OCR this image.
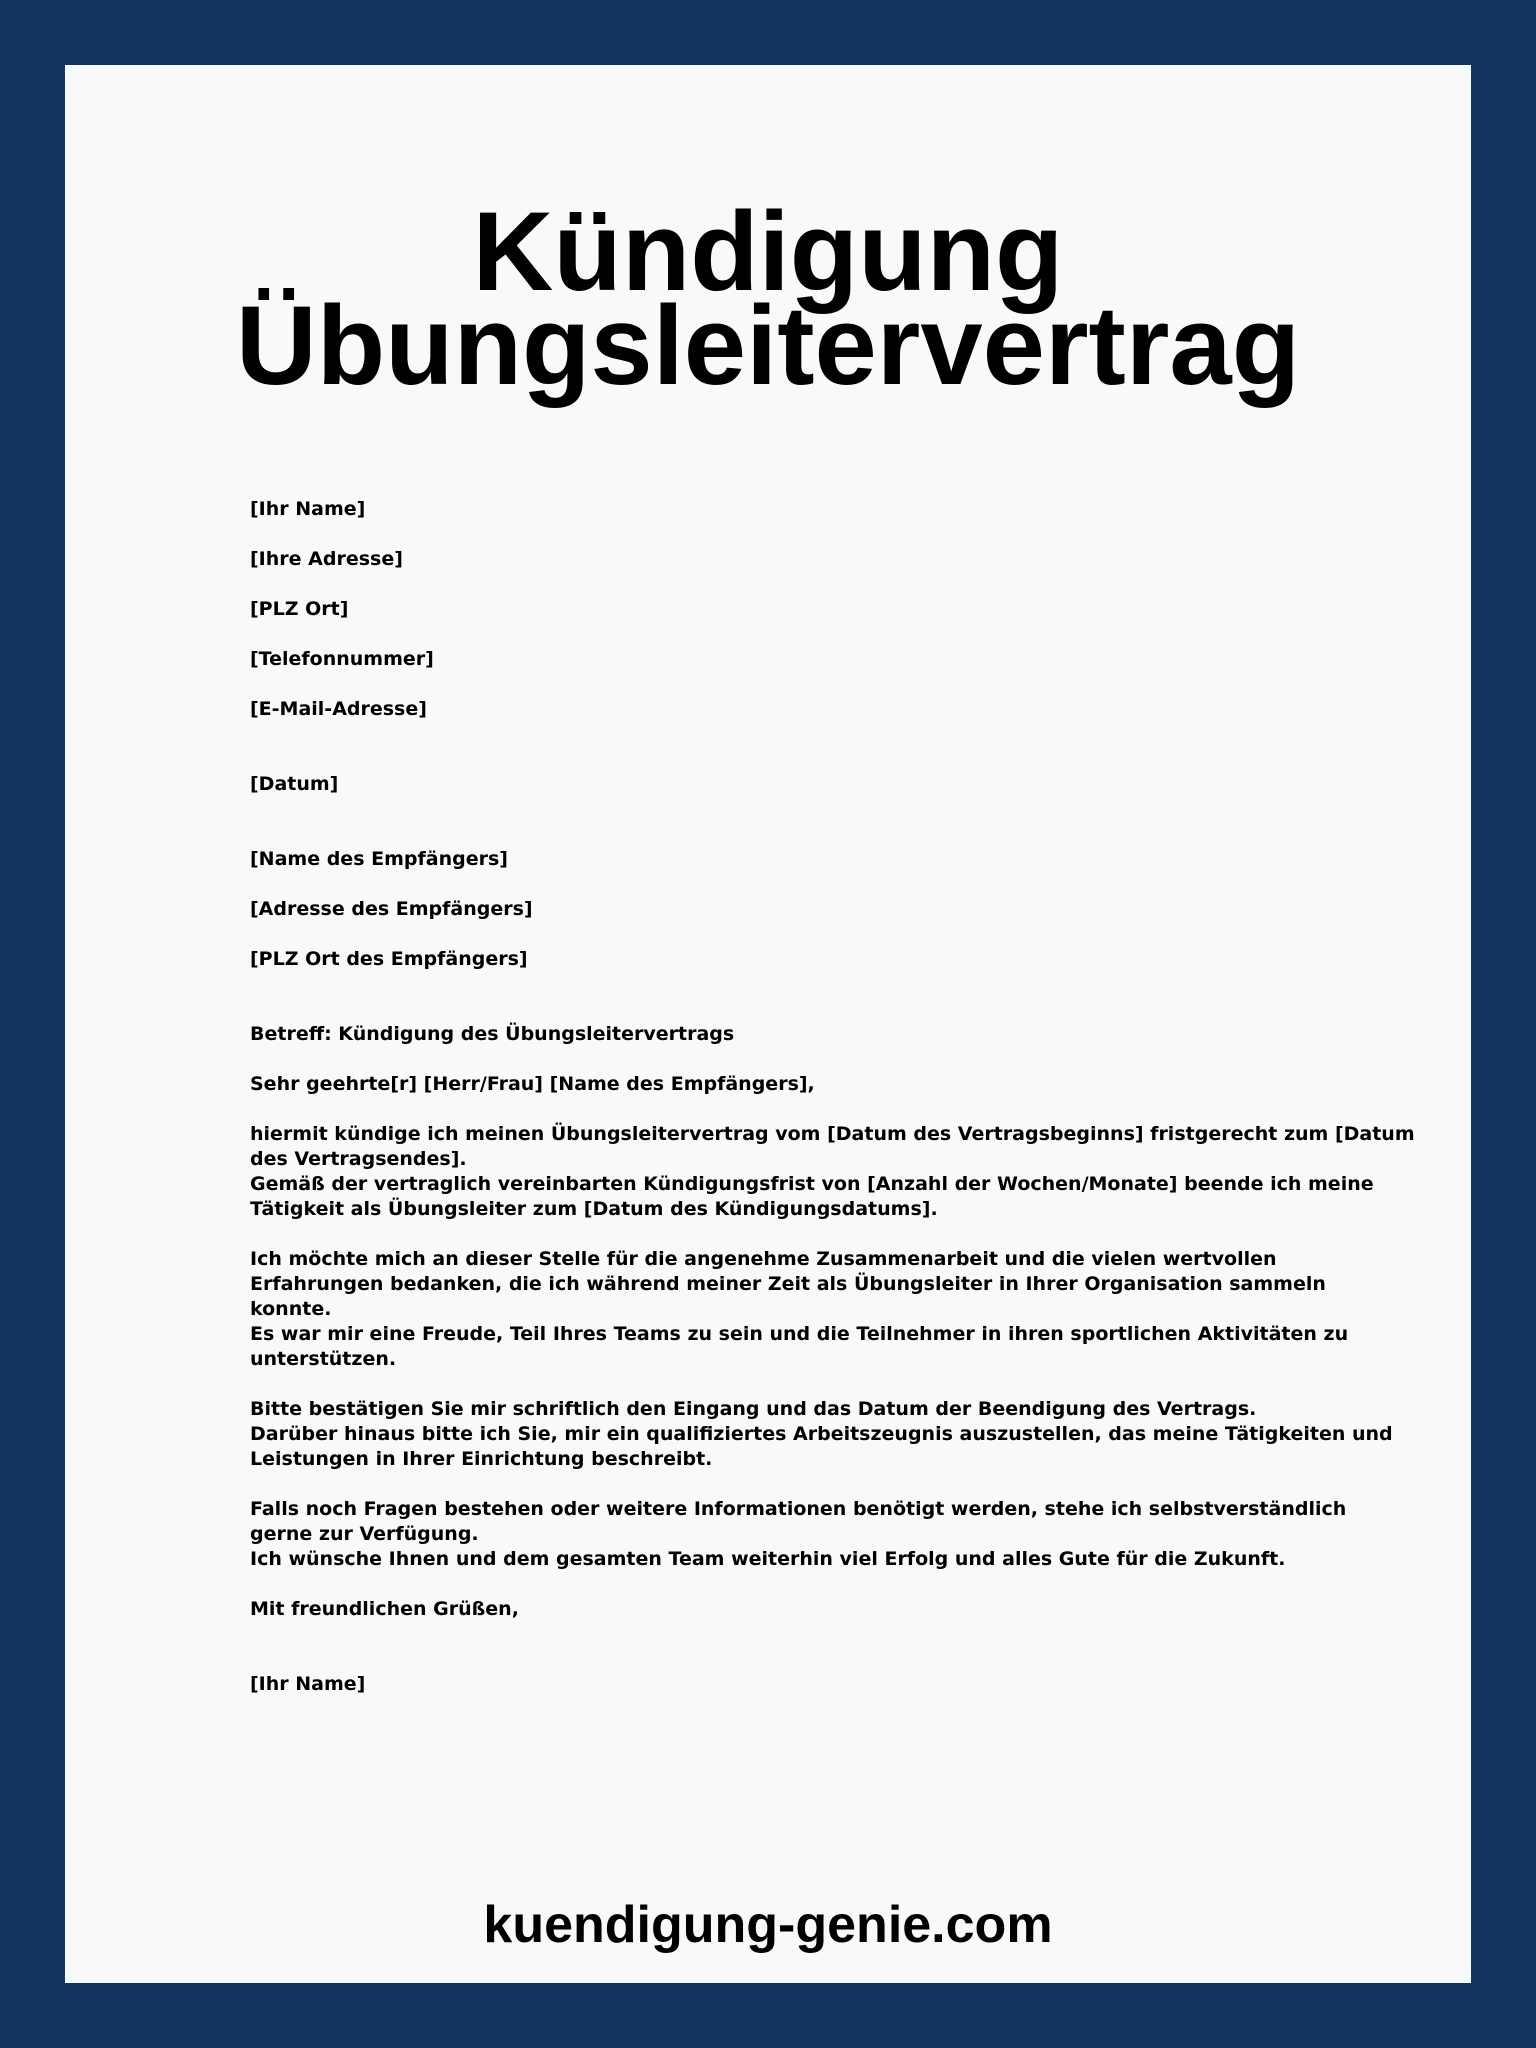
Kündigung
Übungsleitervertrag
[Ihr Name]
[Ihre Adresse]
[PLZ Ort]
[Telefonnummer]
[E-Mail-Adresse]
[Datum]
[Name des Empfängers]
[Adresse des Empfängers]
[PLZ Ort des Empfängers]
Betreff: Kündigung des Übungsleitervertrags
Sehr geehrte[r] [Herr/Frau] [Name des Empfängers],
hiermit kündige ich meinen Übungsleitervertrag vom [Datum des Vertragsbeginns] fristgerecht zum [Datum
des Vertragsendes].
Gemäß der vertraglich vereinbarten Kündigungsfrist von [Anzahl der Wochen/Monate] beende ich meine
Tätigkeit als Übungsleiter zum [Datum des Kündigungsdatums].
Ich möchte mich an dieser Stelle für die angenehme Zusammenarbeit und die vielen wertvollen
Erfahrungen bedanken, die ich während meiner Zeit als Übungsleiter in Ihrer Organisation sammeln
konnte.
Es war mir eine Freude, Teil Ihres Teams zu sein und die Teilnehmer in ihren sportlichen Aktivitäten zu
unterstützen.
Bitte bestätigen Sie mir schriftlich den Eingang und das Datum der Beendigung des Vertrags.
Darüber hinaus bitte ich Sie, mir ein qualifiziertes Arbeitszeugnis auszustellen, das meine Tätigkeiten und
Leistungen in Ihrer Einrichtung beschreibt.
Falls noch Fragen bestehen oder weitere Informationen benötigt werden, stehe ich selbstverständlich
gerne zur Verfügung.
Ich wünsche Ihnen und dem gesamten Team weiterhin viel Erfolg und alles Gute für die Zukunft.
Mit freundlichen Grüßen,
[Ihr Name]
kuendigung-genie.com
